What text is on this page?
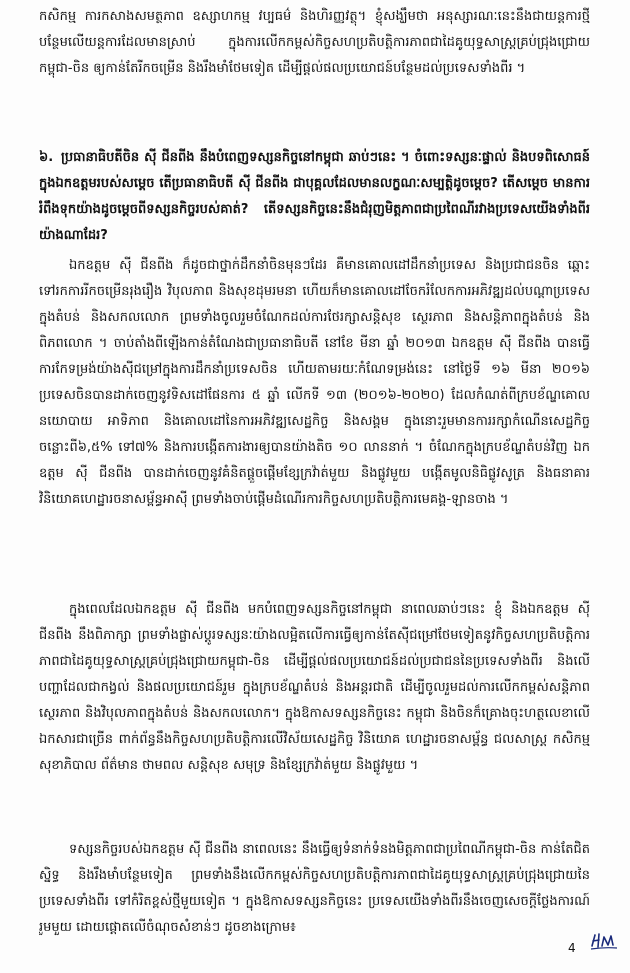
កសិកម្ម ការកសាងសមត្ថភាព ឧស្សាហកម្ម វប្បធម៌ និងហិរញ្ញវត្ថុ។ ខ្ញុំសង្ឃឹមថា អនុស្សារណៈនេះនឹងជាយន្តការថ្មីបន្ថែមលើយន្តការដែលមានស្រាប់ ក្នុងការលើកកម្ពស់កិច្ចសហប្រតិបត្តិការភាពជាដៃគូយុទ្ធសាស្ត្រគ្រប់ជ្រុងជ្រោយកម្ពុជា-ចិន ឲ្យកាន់តែរីកចម្រើន និងរឹងមាំថែមទៀត ដើម្បីផ្តល់ផលប្រយោជន៍បន្ថែមដល់ប្រទេសទាំងពីរ ។

៦. ប្រធានាធិបតីចិន ស៊ី ជីនពីង នឹងបំពេញទស្សនកិច្ចនៅកម្ពុជា ឆាប់ៗនេះ ។ ចំពោះទស្សនៈផ្ទាល់ និងបទពិសោធន៍ក្នុងឯកឧត្តមរបស់សម្ដេច តើប្រធានាធិបតី ស៊ី ជីនពីង ជាបុគ្គលដែលមានលក្ខណៈសម្បត្តិដូចម្តេច? តើសម្ដេច មានការរំពឹងទុកយ៉ាងដូចម្ដេចពីទស្សនកិច្ចរបស់គាត់? តើទស្សនកិច្ចនេះនឹងជំរុញមិត្តភាពជាប្រពៃណីរវាងប្រទេសយើងទាំងពីរយ៉ាងណាដែរ?

ឯកឧត្តម ស៊ី ជីនពីង ក៏ដូចជាថ្នាក់ដឹកនាំចិនមុនៗដែរ គឺមានគោលដៅដឹកនាំប្រទេស និងប្រជាជនចិន ឆ្ពោះទៅរកការរីកចម្រើនរុងរឿង វិបុលភាព និងសុខដុមរមនា ហើយក៏មានគោលដៅចែករំលែកការអភិវឌ្ឍដល់បណ្តាប្រទេសក្នុងតំបន់ និងសកលលោក ព្រមទាំងចូលរួមចំណែកដល់ការថែរក្សាសន្តិសុខ ស្ថេរភាព និងសន្តិភាពក្នុងតំបន់ និងពិភពលោក ។ ចាប់តាំងពីឡើងកាន់តំណែងជាប្រធានាធិបតី នៅខែ មីនា ឆ្នាំ ២០១៣ ឯកឧត្តម ស៊ី ជីនពីង បានធ្វើការកែទម្រង់យ៉ាងស៊ីជម្រៅក្នុងការដឹកនាំប្រទេសចិន ហើយតាមរយៈកំណែទម្រង់នេះ នៅថ្ងៃទី ១៦ មីនា ២០១៦ ប្រទេសចិនបានដាក់ចេញនូវទិសដៅផែនការ ៥ ឆ្នាំ លើកទី ១៣ (២០១៦-២០២០) ដែលកំណត់ពីក្របខ័ណ្ឌគោលនយោបាយ អាទិភាព និងគោលដៅនៃការអភិវឌ្ឍសេដ្ឋកិច្ច និងសង្គម ក្នុងនោះរួមមានការរក្សាកំណើនសេដ្ឋកិច្ចចន្លោះពី៦,៥% ទៅ៧% និងការបង្កើតការងារឲ្យបានយ៉ាងតិច ១០ លាននាក់ ។ ចំណែកក្នុងក្របខ័ណ្ឌតំបន់វិញ ឯកឧត្តម ស៊ី ជីនពីង បានដាក់ចេញនូវគំនិតផ្តួចផ្តើមខ្សែក្រវ៉ាត់មួយ និងផ្លូវមួយ បង្កើតមូលនិធិផ្លូវសូត្រ និងធនាគារវិនិយោគហេដ្ឋារចនាសម្ព័ន្ធអាស៊ី ព្រមទាំងចាប់ផ្តើមដំណើរការកិច្ចសហប្រតិបត្តិការមេគង្គ-ឡានចាង ។

ក្នុងពេលដែលឯកឧត្តម ស៊ី ជីនពីង មកបំពេញទស្សនកិច្ចនៅកម្ពុជា នាពេលឆាប់ៗនេះ ខ្ញុំ និងឯកឧត្តម ស៊ី ជីនពីង នឹងពិភាក្សា ព្រមទាំងផ្លាស់ប្តូរទស្សនៈយ៉ាងលម្អិតលើការធ្វើឲ្យកាន់តែស៊ីជម្រៅថែមទៀតនូវកិច្ចសហប្រតិបត្តិការភាពជាដៃគូយុទ្ធសាស្ត្រគ្រប់ជ្រុងជ្រោយកម្ពុជា-ចិន ដើម្បីផ្តល់ផលប្រយោជន៍ដល់ប្រជាជននៃប្រទេសទាំងពីរ និងលើបញ្ហាដែលជាកង្វល់ និងផលប្រយោជន៍រួម ក្នុងក្របខ័ណ្ឌតំបន់ និងអន្តរជាតិ ដើម្បីចូលរួមដល់ការលើកកម្ពស់សន្តិភាព ស្ថេរភាព និងវិបុលភាពក្នុងតំបន់ និងសកលលោក។ ក្នុងឱកាសទស្សនកិច្ចនេះ កម្ពុជា និងចិនក៏គ្រោងចុះហត្ថលេខាលើឯកសារជាច្រើន ពាក់ព័ន្ធនឹងកិច្ចសហប្រតិបត្តិការលើវិស័យសេដ្ឋកិច្ច វិនិយោគ ហេដ្ឋារចនាសម្ព័ន្ធ ជលសាស្ត្រ កសិកម្ម សុខាភិបាល ព័ត៌មាន ថាមពល សន្តិសុខ សមុទ្រ និងខ្សែក្រវ៉ាត់មួយ និងផ្លូវមួយ ។

ទស្សនកិច្ចរបស់ឯកឧត្តម ស៊ី ជីនពីង នាពេលនេះ នឹងធ្វើឲ្យទំនាក់ទំនងមិត្តភាពជាប្រពៃណីកម្ពុជា-ចិន កាន់តែជិតស្និទ្ធ និងរឹងមាំបន្ថែមទៀត ព្រមទាំងនឹងលើកកម្ពស់កិច្ចសហប្រតិបត្តិការភាពជាដៃគូយុទ្ធសាស្ត្រគ្រប់ជ្រុងជ្រោយនៃប្រទេសទាំងពីរ ទៅកំរិតខ្ពស់ថ្មីមួយទៀត ។ ក្នុងឱកាសទស្សនកិច្ចនេះ ប្រទេសយើងទាំងពីរនឹងចេញសេចក្តីថ្លែងការណ៍រួមមួយ ដោយផ្តោតលើចំណុចសំខាន់ៗ ដូចខាងក្រោម៖

4
